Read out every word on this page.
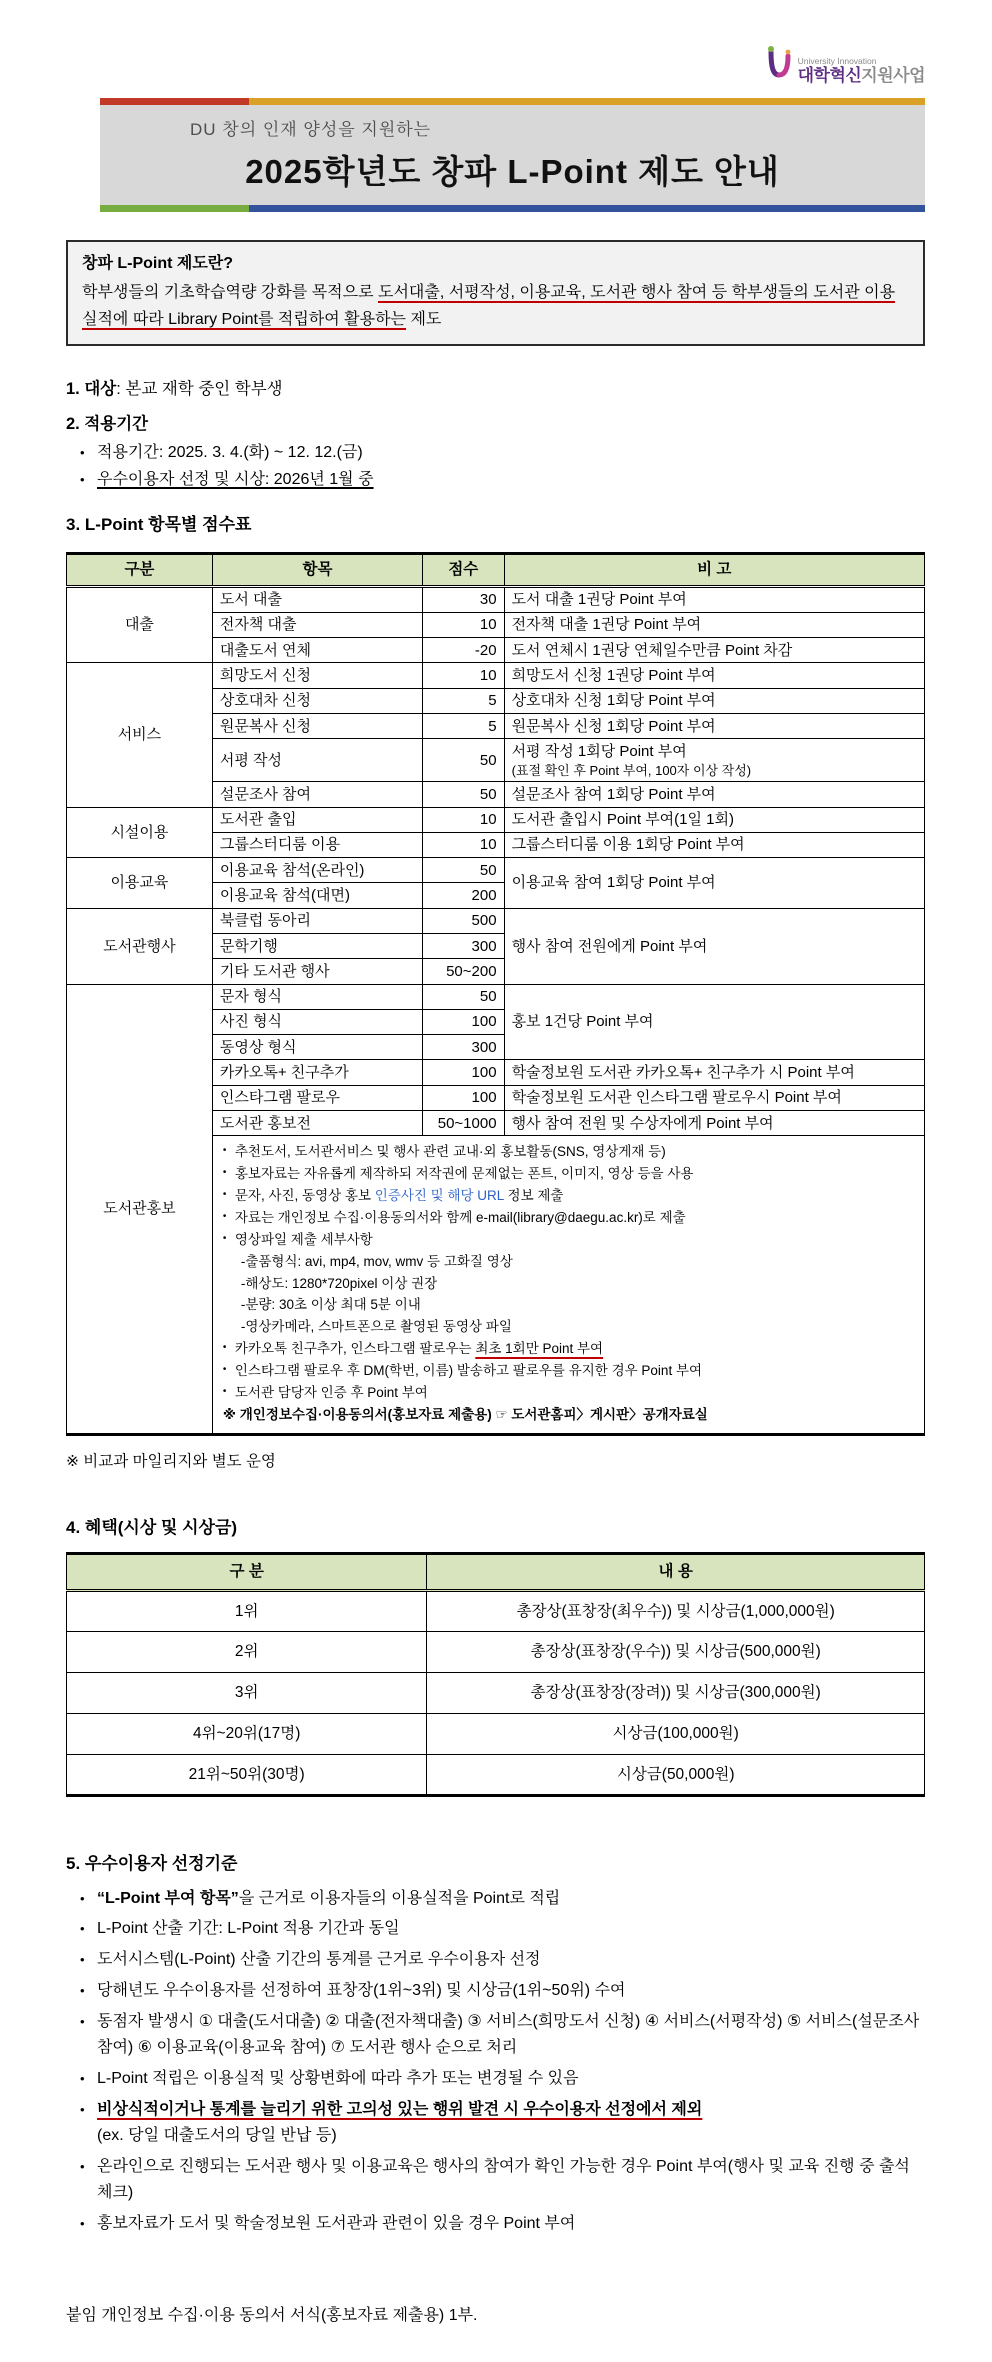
University Innovation
대학혁신지원사업
DU 창의 인재 양성을 지원하는
2025학년도 창파 L-Point 제도 안내
창파 L-Point 제도란?
학부생들의 기초학습역량 강화를 목적으로 도서대출, 서평작성, 이용교육, 도서관 행사 참여 등 학부생들의 도서관 이용실적에 따라 Library Point를 적립하여 활용하는 제도
1. 대상: 본교 재학 중인 학부생
2. 적용기간
• 적용기간: 2025. 3. 4.(화) ~ 12. 12.(금)
• 우수이용자 선정 및 시상: 2026년 1월 중
3. L-Point 항목별 점수표
구분	항목	점수	비 고
대출	도서 대출	30	도서 대출 1권당 Point 부여
	전자책 대출	10	전자책 대출 1권당 Point 부여
	대출도서 연체	-20	도서 연체시 1권당 연체일수만큼 Point 차감
서비스	희망도서 신청	10	희망도서 신청 1권당 Point 부여
	상호대차 신청	5	상호대차 신청 1회당 Point 부여
	원문복사 신청	5	원문복사 신청 1회당 Point 부여
	서평 작성	50	서평 작성 1회당 Point 부여
(표절 확인 후 Point 부여, 100자 이상 작성)

	설문조사 참여	50	설문조사 참여 1회당 Point 부여
시설이용	도서관 출입	10	도서관 출입시 Point 부여(1일 1회)
	그룹스터디룸 이용	10	그룹스터디룸 이용 1회당 Point 부여
이용교육	이용교육 참석(온라인)	50	이용교육 참여 1회당 Point 부여
	이용교육 참석(대면)	200	
도서관행사	북클럽 동아리	500	행사 참여 전원에게 Point 부여
	문학기행	300	
	기타 도서관 행사	50~200	
도서관홍보	문자 형식	50	홍보 1건당 Point 부여
	사진 형식	100	
	동영상 형식	300	
	카카오톡+ 친구추가	100	학술정보원 도서관 카카오톡+ 친구추가 시 Point 부여
	인스타그램 팔로우	100	학술정보원 도서관 인스타그램 팔로우시 Point 부여
	도서관 홍보전	50~1000	행사 참여 전원 및 수상자에게 Point 부여

• 추천도서, 도서관서비스 및 행사 관련 교내·외 홍보활동(SNS, 영상게재 등)
• 홍보자료는 자유롭게 제작하되 저작권에 문제없는 폰트, 이미지, 영상 등을 사용
• 문자, 사진, 동영상 홍보 인증사진 및 해당 URL 정보 제출
• 자료는 개인정보 수집·이용동의서와 함께 e-mail(library@daegu.ac.kr)로 제출
• 영상파일 제출 세부사항
-출품형식: avi, mp4, mov, wmv 등 고화질 영상
-해상도: 1280*720pixel 이상 권장
-분량: 30초 이상 최대 5분 이내
-영상카메라, 스마트폰으로 촬영된 동영상 파일
• 카카오톡 친구추가, 인스타그램 팔로우는 최초 1회만 Point 부여
• 인스타그램 팔로우 후 DM(학번, 이름) 발송하고 팔로우를 유지한 경우 Point 부여
• 도서관 담당자 인증 후 Point 부여
※ 개인정보수집·이용동의서(홍보자료 제출용) ☞ 도서관홈피〉게시판〉공개자료실
※ 비교과 마일리지와 별도 운영
4. 혜택(시상 및 시상금)
구 분	내 용
1위	총장상(표창장(최우수)) 및 시상금(1,000,000원)
2위	총장상(표창장(우수)) 및 시상금(500,000원)
3위	총장상(표창장(장려)) 및 시상금(300,000원)
4위~20위(17명)	시상금(100,000원)
21위~50위(30명)	시상금(50,000원)
5. 우수이용자 선정기준
• “L-Point 부여 항목”을 근거로 이용자들의 이용실적을 Point로 적립
• L-Point 산출 기간: L-Point 적용 기간과 동일
• 도서시스템(L-Point) 산출 기간의 통계를 근거로 우수이용자 선정
• 당해년도 우수이용자를 선정하여 표창장(1위~3위) 및 시상금(1위~50위) 수여
• 동점자 발생시 ① 대출(도서대출) ② 대출(전자책대출) ③ 서비스(희망도서 신청) ④ 서비스(서평작성) ⑤ 서비스(설문조사 참여) ⑥ 이용교육(이용교육 참여) ⑦ 도서관 행사 순으로 처리
• L-Point 적립은 이용실적 및 상황변화에 따라 추가 또는 변경될 수 있음
• 비상식적이거나 통계를 늘리기 위한 고의성 있는 행위 발견 시 우수이용자 선정에서 제외
(ex. 당일 대출도서의 당일 반납 등)
• 온라인으로 진행되는 도서관 행사 및 이용교육은 행사의 참여가 확인 가능한 경우 Point 부여(행사 및 교육 진행 중 출석 체크)
• 홍보자료가 도서 및 학술정보원 도서관과 관련이 있을 경우 Point 부여
붙임 개인정보 수집·이용 동의서 서식(홍보자료 제출용) 1부.
